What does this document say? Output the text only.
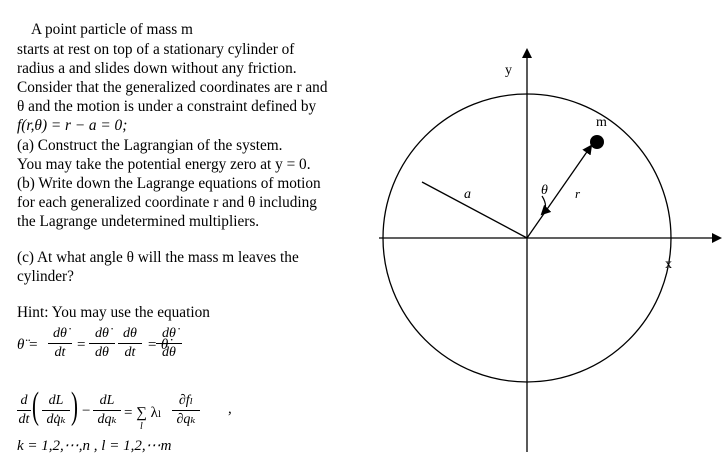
A point particle of mass m
starts at rest on top of a stationary cylinder of
radius a and slides down without any friction.
Consider that the generalized coordinates are r and
θ and the motion is under a constraint defined by
f(r,θ) = r − a = 0;
(a) Construct the Lagrangian of the system.
You may take the potential energy zero at y = 0.
(b) Write down the Lagrange equations of motion
for each generalized coordinate r and θ including
the Lagrange undetermined multipliers.
(c) At what angle θ will the mass m leaves the
cylinder?
Hint: You may use the equation
θ̈ =
dθ̇
dt =
dθ̇
dθ
dθ
dt = θ̇
dθ̇
dθ
d
dt ( dL
dq̇ₖ ) −
dL
dqₖ = ∑ λₗ
l
∂fₗ
∂qₖ
,
k = 1,2,⋯,n , l = 1,2,⋯m
y
x
m
a	θ r⃗
